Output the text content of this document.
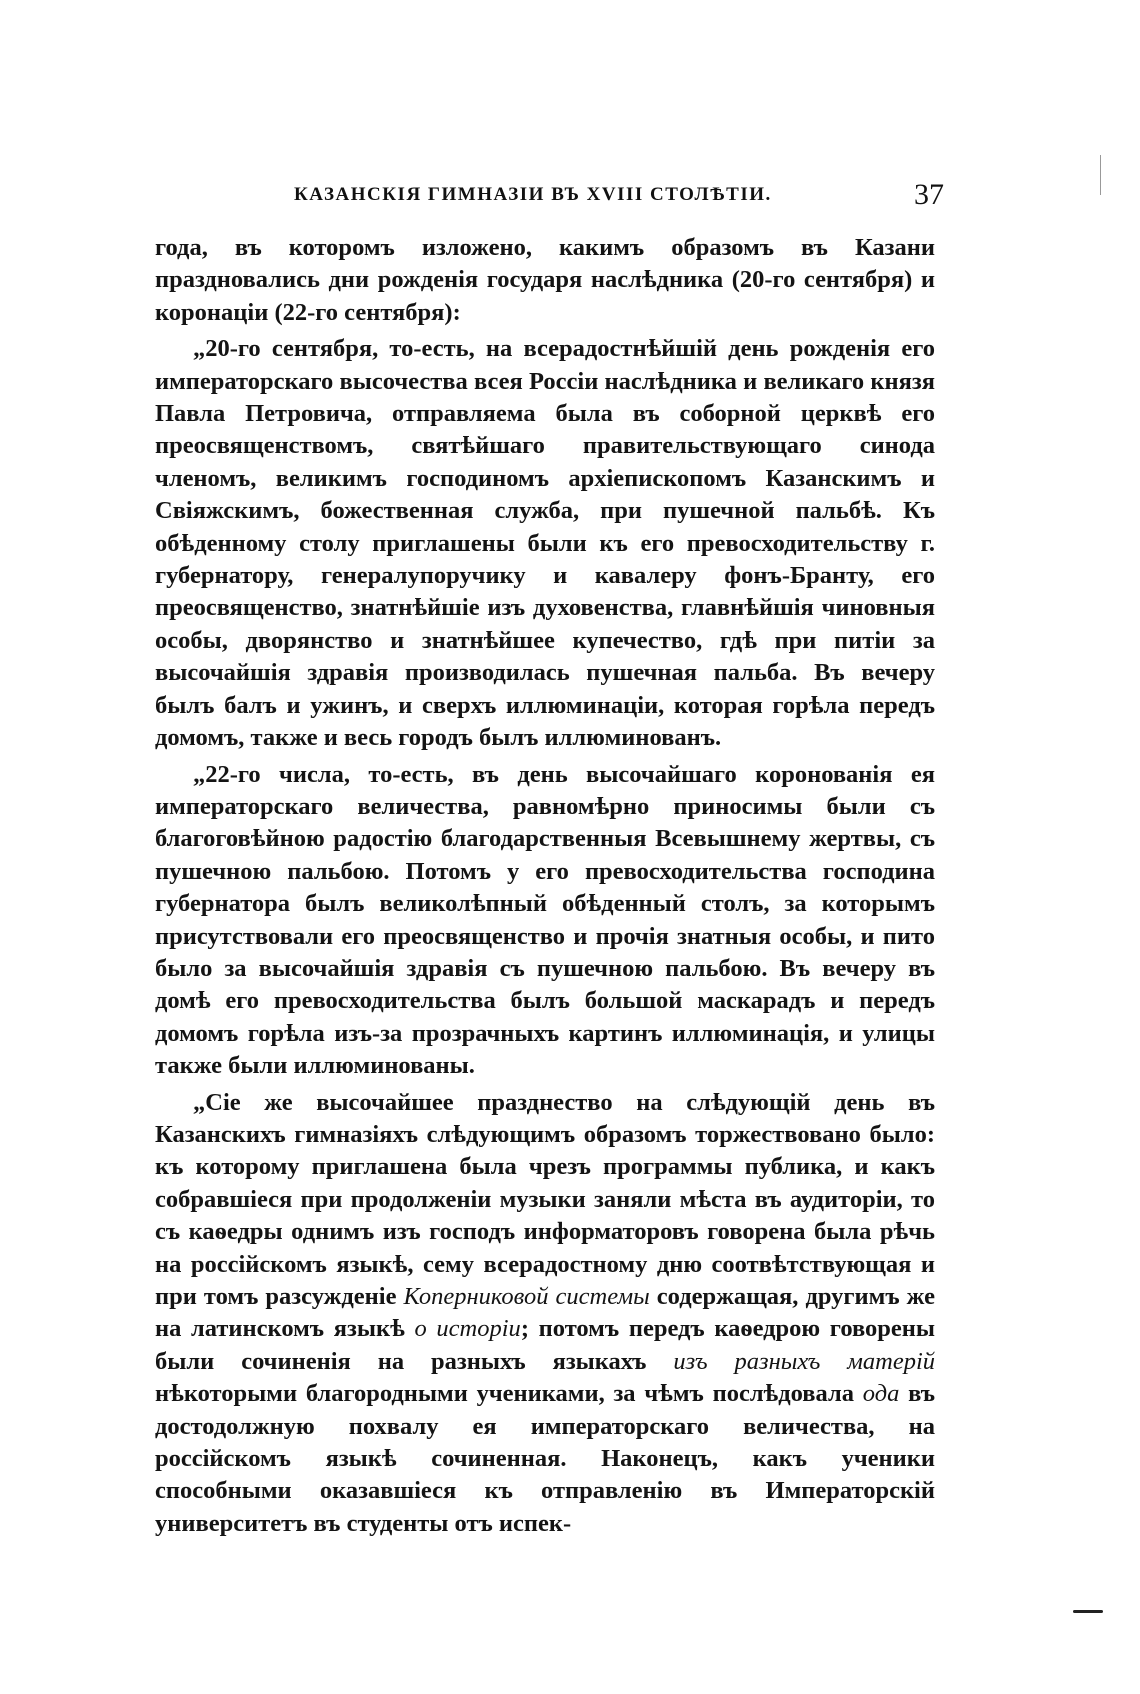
КАЗАНСКІЯ ГИМНАЗІИ ВЪ XVIII СТОЛѢТІИ.	37

года, въ которомъ изложено, какимъ образомъ въ Казани праздновались дни рожденія государя наслѣдника (20-го сентября) и коронаціи (22-го сентября):

„20-го сентября, то-есть, на всерадостнѣйшій день рожденія его императорскаго высочества всея Россіи наслѣдника и великаго князя Павла Петровича, отправляема была въ соборной церквѣ его преосвященствомъ, святѣйшаго правительствующаго синода членомъ, великимъ господиномъ архіепископомъ Казанскимъ и Свіяжскимъ, божественная служба, при пушечной пальбѣ. Къ обѣденному столу приглашены были къ его превосходительству г. губернатору, генералупоручику и кавалеру фонъ-Бранту, его преосвященство, знатнѣйшіе изъ духовенства, главнѣйшія чиновныя особы, дворянство и знатнѣйшее купечество, гдѣ при питіи за высочайшія здравія производилась пушечная пальба. Въ вечеру былъ балъ и ужинъ, и сверхъ иллюминаціи, которая горѣла передъ домомъ, также и весь городъ былъ иллюминованъ.

„22-го числа, то-есть, въ день высочайшаго коронованія ея императорскаго величества, равномѣрно приносимы были съ благоговѣйною радостію благодарственныя Всевышнему жертвы, съ пушечною пальбою. Потомъ у его превосходительства господина губернатора былъ великолѣпный обѣденный столъ, за которымъ присутствовали его преосвященство и прочія знатныя особы, и пито было за высочайшія здравія съ пушечною пальбою. Въ вечеру въ домѣ его превосходительства былъ большой маскарадъ и передъ домомъ горѣла изъ-за прозрачныхъ картинъ иллюминація, и улицы также были иллюминованы.

„Сіе же высочайшее празднество на слѣдующій день въ Казанскихъ гимназіяхъ слѣдующимъ образомъ торжествовано было: къ которому приглашена была чрезъ программы публика, и какъ собравшіеся при продолженіи музыки заняли мѣста въ аудиторіи, то съ каѳедры однимъ изъ господъ информаторовъ говорена была рѣчь на россійскомъ языкѣ, сему всерадостному дню соотвѣтствующая и при томъ разсужденіе Коперниковой системы содержащая, другимъ же на латинскомъ языкѣ о исторіи; потомъ передъ каѳедрою говорены были сочиненія на разныхъ языкахъ изъ разныхъ матерій нѣкоторыми благородными учениками, за чѣмъ послѣдовала ода въ достодолжную похвалу ея императорскаго величества, на россійскомъ языкѣ сочиненная. Наконецъ, какъ ученики способными оказавшіеся къ отправленію въ Императорскій университетъ въ студенты отъ испек-
